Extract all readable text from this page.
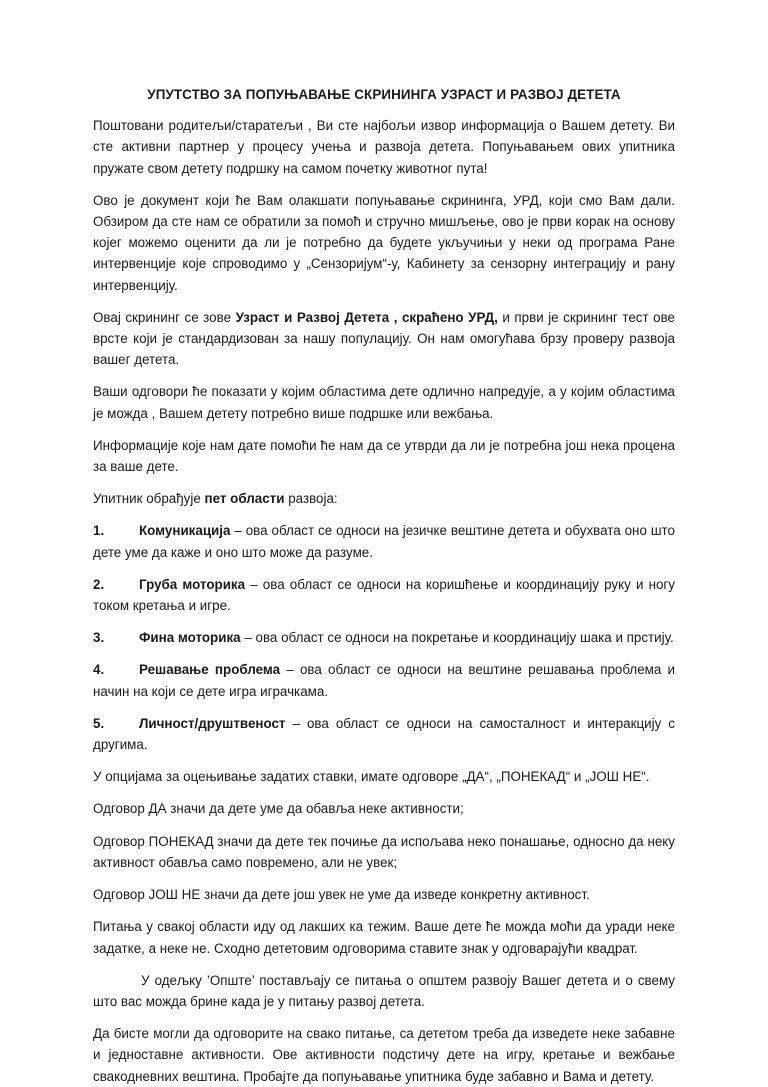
УПУТСТВО ЗА ПОПУЊАВАЊЕ СКРИНИНГА УЗРАСТ И РАЗВОЈ ДЕТЕТА

Поштовани родитељи/старатељи , Ви сте најбољи извор информација о Вашем детету. Ви сте активни партнер у процесу учења и развоја детета. Попуњавањем ових упитника пружате свом детету подршку на самом почетку животног пута!

Ово је документ који ће Вам олакшати попуњавање скрининга, УРД, који смо Вам дали. Обзиром да сте нам се обратили за помоћ и стручно мишљење, ово је први корак на основу којег можемо оценити да ли је потребно да будете укључињи у неки од програма Ране интервенције које спроводимо у „Сензоријум“-у, Кабинету за сензорну интеграцију и рану интервенцију.

Овај скрининг се зове Узраст и Развој Детета , скраћено УРД, и први је скрининг тест ове врсте који је стандардизован за нашу популацију. Он нам омогућава брзу проверу развоја вашег детета.

Ваши одговори ће показати у којим областима дете одлично напредује, а у којим областима је можда , Вашем детету потребно више подршке или вежбања.

Информације које нам дате помоћи ће нам да се утврди да ли је потребна још нека процена за ваше дете.

Упитник обрађује пет области развоја:

1.	Комуникација – ова област се односи на језичке вештине детета и обухвата оно што дете уме да каже и оно што може да разуме.
2.	Груба моторика – ова област се односи на коришћење и координацију руку и ногу током кретања и игре.
3.	Фина моторика – ова област се односи на покретање и координацију шака и прстију.
4.	Решавање проблема – ова област се односи на вештине решавања проблема и начин на који се дете игра играчкама.
5.	Личност/друштвеност – ова област се односи на самосталност и интеракцију с другима.

У опцијама за оцењивање задатих ставки, имате одговоре „ДА“, „ПОНЕКАД“ и „ЈОШ НЕ“.

Одговор ДА значи да дете уме да обавља неке активности;

Одговор ПОНЕКАД значи да дете тек почиње да испољава неко понашање, односно да неку активност обавља само повремено, али не увек;

Одговор ЈОШ НЕ значи да дете још увек не уме да изведе конкретну активност.

Питања у свакој области иду од лакших ка тежим. Ваше дете ће можда моћи да уради неке задатке, а неке не. Сходно дететовим одговорима ставите знак у одговарајући квадрат.

У одељку ’Опште’ постављају се питања о општем развоју Вашег детета и о свему што вас можда брине када је у питању развој детета.

Да бисте могли да одговорите на свако питање, са дететом треба да изведете неке забавне и једноставне активности. Ове активности подстичу дете на игру, кретање и вежбање свакодневних вештина. Пробајте да попуњавање упитника буде забавно и Вама и детету.
